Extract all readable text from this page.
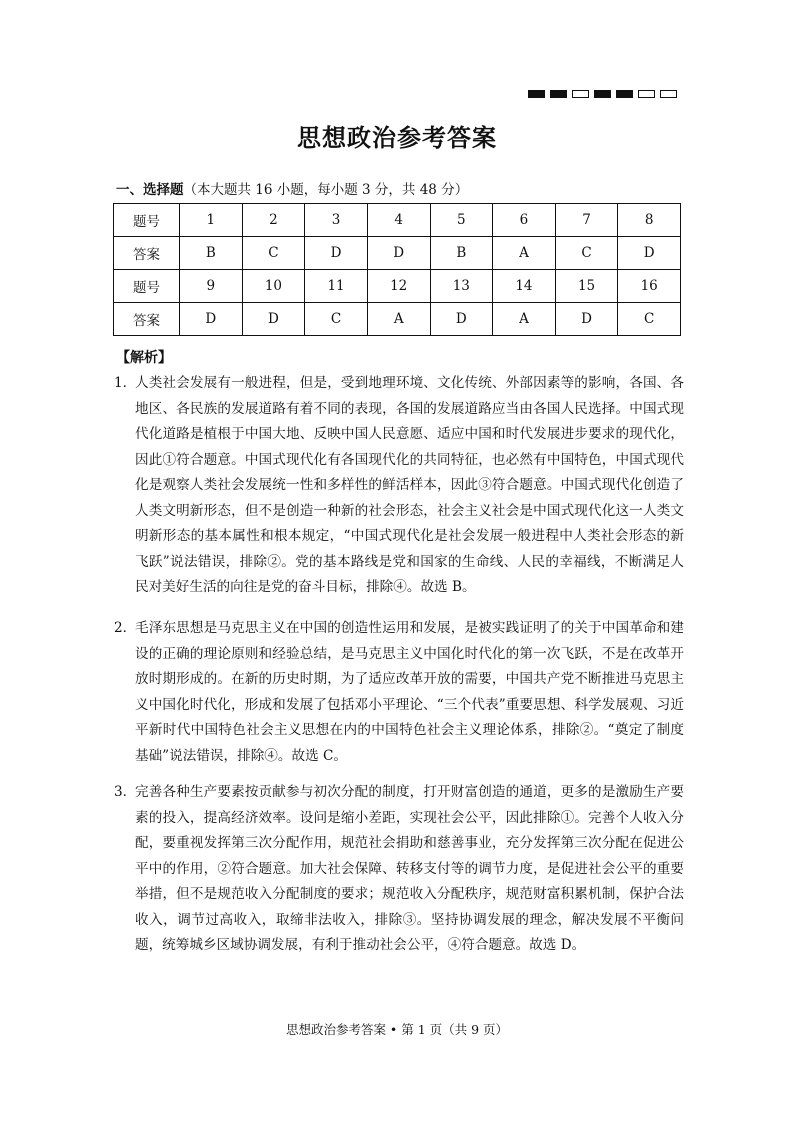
思想政治参考答案
一、选择题（本大题共 16 小题，每小题 3 分，共 48 分）
题号	1	2	3	4	5	6	7	8
答案	B	C	D	D	B	A	C	D
题号	9	10	11	12	13	14	15	16
答案	D	D	C	A	D	A	D	C
【解析】
1．
人类社会发展有一般进程，但是，受到地理环境、文化传统、外部因素等的影响，各国、各地区、各民族的发展道路有着不同的表现，各国的发展道路应当由各国人民选择。中国式现代化道路是植根于中国大地、反映中国人民意愿、适应中国和时代发展进步要求的现代化，因此①符合题意。中国式现代化有各国现代化的共同特征，也必然有中国特色，中国式现代化是观察人类社会发展统一性和多样性的鲜活样本，因此③符合题意。中国式现代化创造了人类文明新形态，但不是创造一种新的社会形态，社会主义社会是中国式现代化这一人类文明新形态的基本属性和根本规定，“中国式现代化是社会发展一般进程中人类社会形态的新飞跃”说法错误，排除②。党的基本路线是党和国家的生命线、人民的幸福线，不断满足人民对美好生活的向往是党的奋斗目标，排除④。故选 B。
2．
毛泽东思想是马克思主义在中国的创造性运用和发展，是被实践证明了的关于中国革命和建设的正确的理论原则和经验总结，是马克思主义中国化时代化的第一次飞跃，不是在改革开放时期形成的。在新的历史时期，为了适应改革开放的需要，中国共产党不断推进马克思主义中国化时代化，形成和发展了包括邓小平理论、“三个代表”重要思想、科学发展观、习近平新时代中国特色社会主义思想在内的中国特色社会主义理论体系，排除②。“奠定了制度基础”说法错误，排除④。故选 C。
3．
完善各种生产要素按贡献参与初次分配的制度，打开财富创造的通道，更多的是激励生产要素的投入，提高经济效率。设问是缩小差距，实现社会公平，因此排除①。完善个人收入分配，要重视发挥第三次分配作用，规范社会捐助和慈善事业，充分发挥第三次分配在促进公平中的作用，②符合题意。加大社会保障、转移支付等的调节力度，是促进社会公平的重要举措，但不是规范收入分配制度的要求；规范收入分配秩序，规范财富积累机制，保护合法收入，调节过高收入，取缔非法收入，排除③。坚持协调发展的理念，解决发展不平衡问题，统筹城乡区域协调发展，有利于推动社会公平，④符合题意。故选 D。
思想政治参考答案 • 第 1 页（共 9 页）
